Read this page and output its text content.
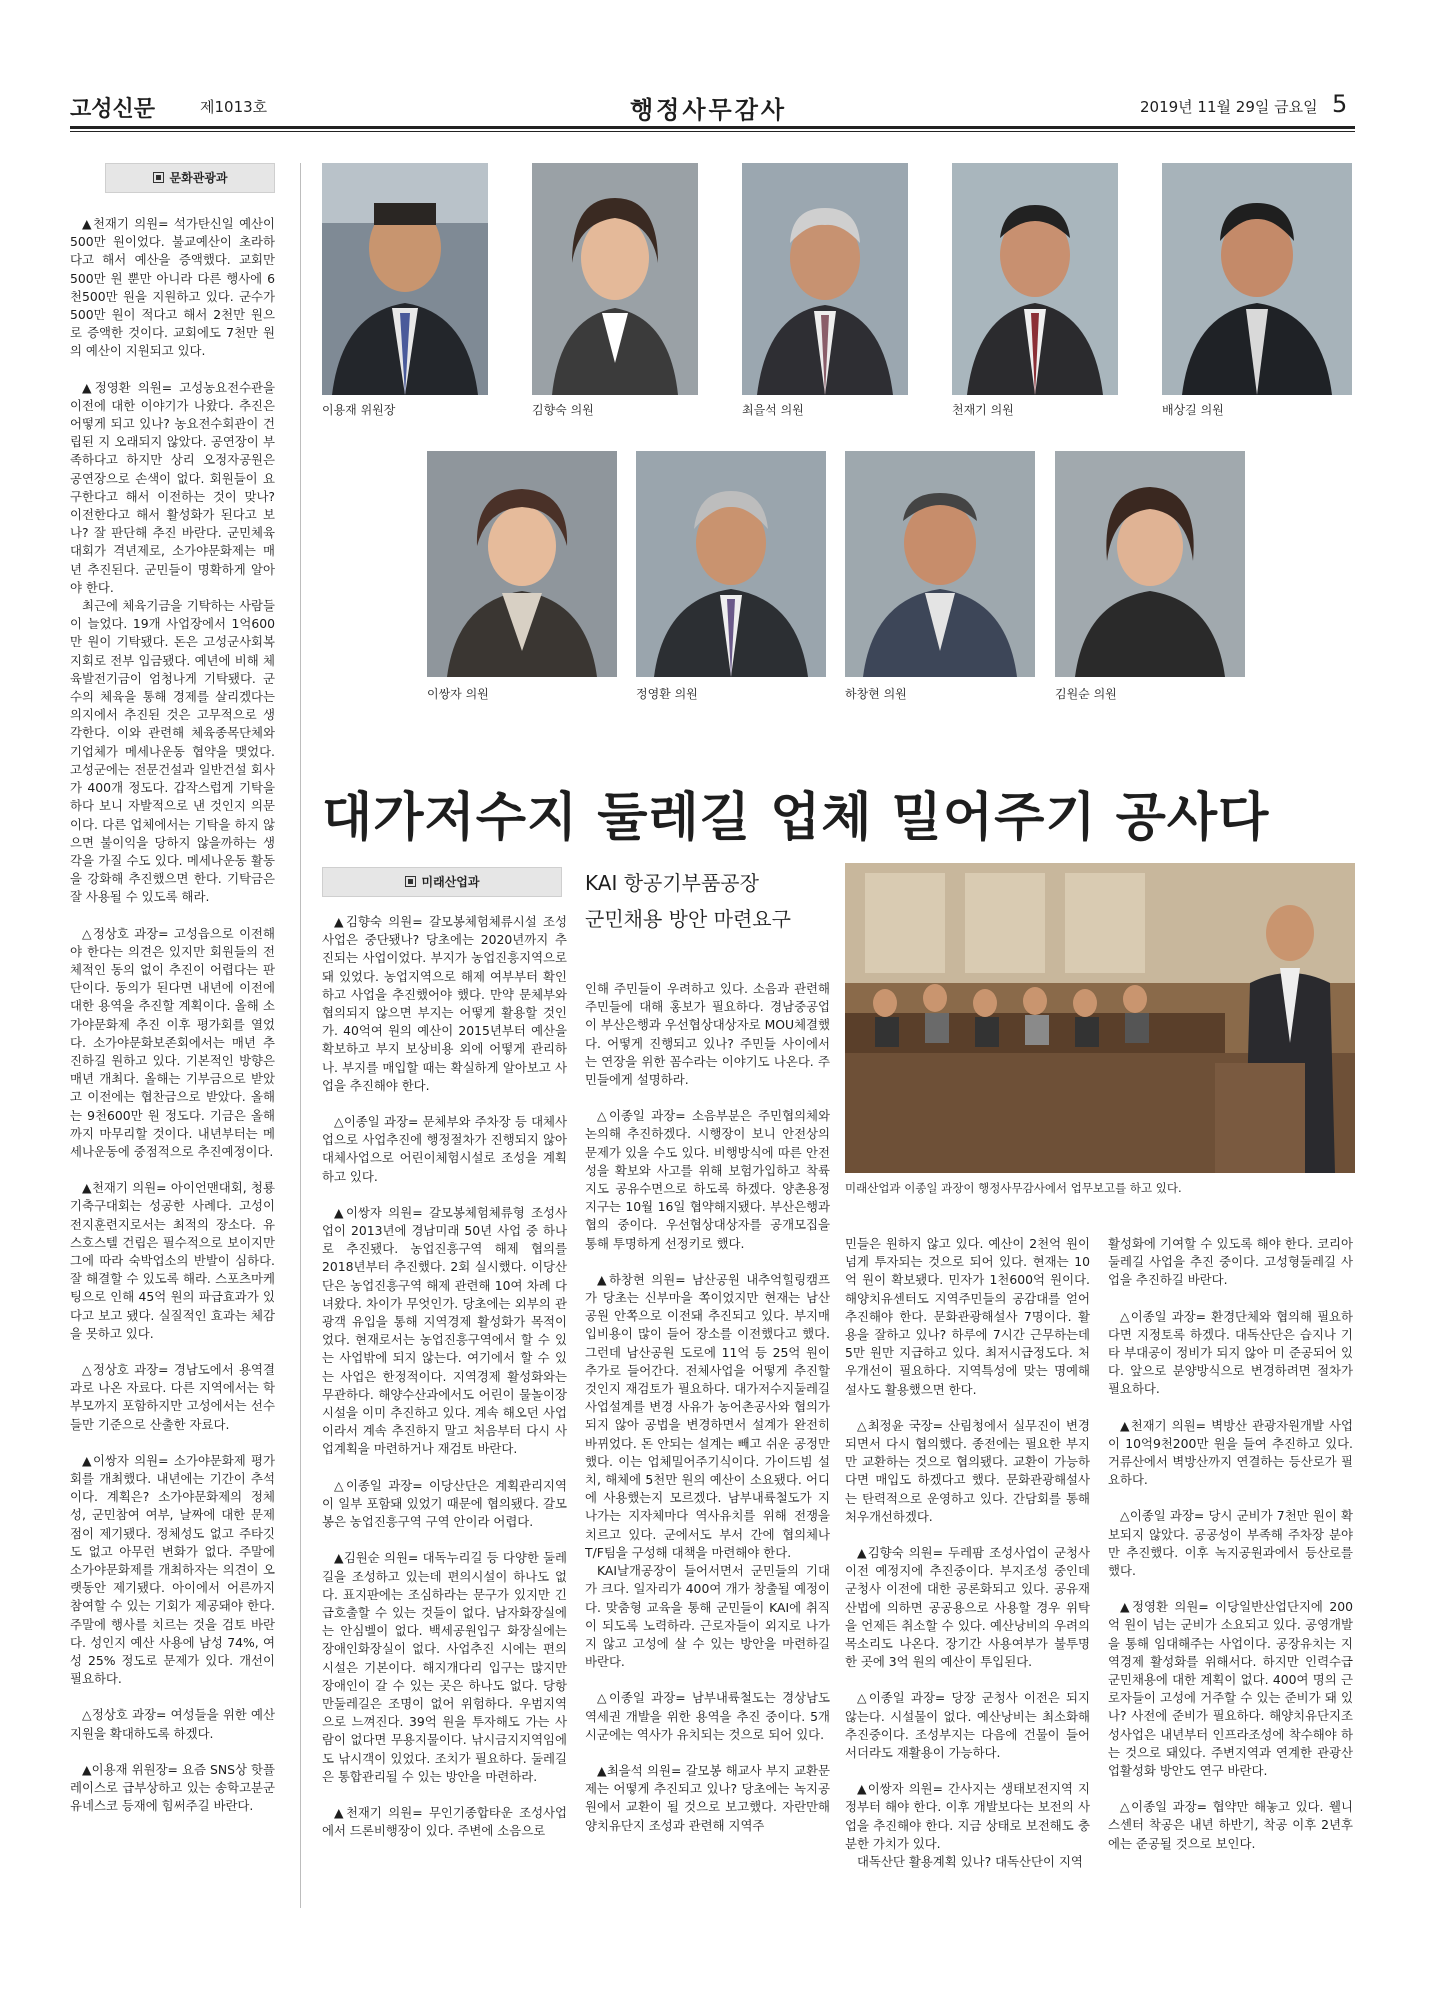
고성신문	제1013호	행정사무감사	2019년 11월 29일 금요일 5
문화관광과

▲천재기 의원= 석가탄신일 예산이 500만 원이었다. 불교예산이 초라하다고 해서 예산을 증액했다. 교회만 500만 원 뿐만 아니라 다른 행사에 6천500만 원을 지원하고 있다. 군수가 500만 원이 적다고 해서 2천만 원으로 증액한 것이다. 교회에도 7천만 원의 예산이 지원되고 있다.

▲정영환 의원= 고성농요전수관을 이전에 대한 이야기가 나왔다. 추진은 어떻게 되고 있나? 농요전수회관이 건립된 지 오래되지 않았다. 공연장이 부족하다고 하지만 상리 오정자공원은 공연장으로 손색이 없다. 회원들이 요구한다고 해서 이전하는 것이 맞나? 이전한다고 해서 활성화가 된다고 보나? 잘 판단해 추진 바란다. 군민체육대회가 격년제로, 소가야문화제는 매년 추진된다. 군민들이 명확하게 알아야 한다.

최근에 체육기금을 기탁하는 사람들이 늘었다. 19개 사업장에서 1억600만 원이 기탁됐다. 돈은 고성군사회복지회로 전부 입금됐다. 예년에 비해 체육발전기금이 엄청나게 기탁됐다. 군수의 체육을 통해 경제를 살리겠다는 의지에서 추진된 것은 고무적으로 생각한다. 이와 관련해 체육종목단체와 기업체가 메세나운동 협약을 맺었다. 고성군에는 전문건설과 일반건설 회사가 400개 정도다. 갑작스럽게 기탁을 하다 보니 자발적으로 낸 것인지 의문이다. 다른 업체에서는 기탁을 하지 않으면 불이익을 당하지 않을까하는 생각을 가질 수도 있다. 메세나운동 활동을 강화해 추진했으면 한다. 기탁금은 잘 사용될 수 있도록 해라.

△정상호 과장= 고성읍으로 이전해야 한다는 의견은 있지만 회원들의 전체적인 동의 없이 추진이 어렵다는 판단이다. 동의가 된다면 내년에 이전에 대한 용역을 추진할 계획이다. 올해 소가야문화제 추진 이후 평가회를 열었다. 소가야문화보존회에서는 매년 추진하길 원하고 있다. 기본적인 방향은 매년 개최다. 올해는 기부금으로 받았고 이전에는 협찬금으로 받았다. 올해는 9천600만 원 정도다. 기금은 올해까지 마무리할 것이다. 내년부터는 메세나운동에 중점적으로 추진예정이다.

▲천재기 의원= 아이언맨대회, 청룡기축구대회는 성공한 사례다. 고성이 전지훈련지로서는 최적의 장소다. 유스호스텔 건립은 필수적으로 보이지만 그에 따라 숙박업소의 반발이 심하다. 잘 해결할 수 있도록 해라. 스포츠마케팅으로 인해 45억 원의 파급효과가 있다고 보고 됐다. 실질적인 효과는 체감을 못하고 있다.

△정상호 과장= 경남도에서 용역결과로 나온 자료다. 다른 지역에서는 학부모까지 포함하지만 고성에서는 선수들만 기준으로 산출한 자료다.

▲이쌍자 의원= 소가야문화제 평가회를 개최했다. 내년에는 기간이 추석이다. 계획은? 소가야문화제의 정체성, 군민참여 여부, 날짜에 대한 문제점이 제기됐다. 정체성도 없고 주타깃도 없고 아무런 변화가 없다. 주말에 소가야문화제를 개최하자는 의견이 오랫동안 제기됐다. 아이에서 어른까지 참여할 수 있는 기회가 제공돼야 한다. 주말에 행사를 치르는 것을 검토 바란다. 성인지 예산 사용에 남성 74%, 여성 25% 정도로 문제가 있다. 개선이 필요하다.

△정상호 과장= 여성들을 위한 예산지원을 확대하도록 하겠다.

▲이용재 위원장= 요즘 SNS상 핫플레이스로 급부상하고 있는 송학고분군 유네스코 등재에 힘써주길 바란다.

이용재 위원장	김향숙 의원	최을석 의원	천재기 의원	배상길 의원
이쌍자 의원	정영환 의원	하창현 의원	김원순 의원
대가저수지 둘레길 업체 밀어주기 공사다
KAI 항공기부품공장
군민채용 방안 마련요구
미래산업과 이종일 과장이 행정사무감사에서 업무보고를 하고 있다.
미래산업과

▲김향숙 의원= 갈모봉체험체류시설 조성사업은 중단됐나? 당초에는 2020년까지 추진되는 사업이었다. 부지가 농업진흥지역으로 돼 있었다. 농업지역으로 해제 여부부터 확인하고 사업을 추진했어야 했다. 만약 문체부와 협의되지 않으면 부지는 어떻게 활용할 것인가. 40억여 원의 예산이 2015년부터 예산을 확보하고 부지 보상비용 외에 어떻게 관리하나. 부지를 매입할 때는 확실하게 알아보고 사업을 추진해야 한다.

△이종일 과장= 문체부와 주차장 등 대체사업으로 사업추진에 행정절차가 진행되지 않아 대체사업으로 어린이체험시설로 조성을 계획하고 있다.

▲이쌍자 의원= 갈모봉체험체류형 조성사업이 2013년에 경남미래 50년 사업 중 하나로 추진됐다. 농업진흥구역 해제 협의를 2018년부터 추진했다. 2회 실시했다. 이당산단은 농업진흥구역 해제 관련해 10여 차례 다녀왔다. 차이가 무엇인가. 당초에는 외부의 관광객 유입을 통해 지역경제 활성화가 목적이었다. 현재로서는 농업진흥구역에서 할 수 있는 사업밖에 되지 않는다. 여기에서 할 수 있는 사업은 한정적이다. 지역경제 활성화와는 무관하다. 해양수산과에서도 어린이 물놀이장 시설을 이미 추진하고 있다. 계속 해오던 사업이라서 계속 추진하지 말고 처음부터 다시 사업계획을 마련하거나 재검토 바란다.

△이종일 과장= 이당산단은 계획관리지역이 일부 포함돼 있었기 때문에 협의됐다. 갈모봉은 농업진흥구역 구역 안이라 어렵다.

▲김원순 의원= 대독누리길 등 다양한 둘레길을 조성하고 있는데 편의시설이 하나도 없다. 표지판에는 조심하라는 문구가 있지만 긴급호출할 수 있는 것들이 없다. 남자화장실에는 안심벨이 없다. 백세공원입구 화장실에는 장애인화장실이 없다. 사업추진 시에는 편의시설은 기본이다. 해지개다리 입구는 많지만 장애인이 갈 수 있는 곳은 하나도 없다. 당항만둘레길은 조명이 없어 위험하다. 우범지역으로 느껴진다. 39억 원을 투자해도 가는 사람이 없다면 무용지물이다. 낚시금지지역임에도 낚시객이 있었다. 조치가 필요하다. 둘레길은 통합관리될 수 있는 방안을 마련하라.

▲천재기 의원= 무인기종합타운 조성사업에서 드론비행장이 있다. 주변에 소음으로

인해 주민들이 우려하고 있다. 소음과 관련해 주민들에 대해 홍보가 필요하다. 경남중공업이 부산은행과 우선협상대상자로 MOU체결했다. 어떻게 진행되고 있나? 주민들 사이에서는 연장을 위한 꼼수라는 이야기도 나온다. 주민들에게 설명하라.

△이종일 과장= 소음부분은 주민협의체와 논의해 추진하겠다. 시행장이 보니 안전상의 문제가 있을 수도 있다. 비행방식에 따른 안전성을 확보와 사고를 위해 보험가입하고 착륙지도 공유수면으로 하도록 하겠다. 양촌용정지구는 10월 16일 협약해지됐다. 부산은행과 협의 중이다. 우선협상대상자를 공개모집을 통해 투명하게 선정키로 했다.

▲하창현 의원= 남산공원 내추억힐링캠프가 당초는 신부마을 쪽이었지만 현재는 남산공원 안쪽으로 이전돼 추진되고 있다. 부지매입비용이 많이 들어 장소를 이전했다고 했다. 그런데 남산공원 도로에 11억 등 25억 원이 추가로 들어간다. 전체사업을 어떻게 추진할 것인지 재검토가 필요하다. 대가저수지둘레길 사업설계를 변경 사유가 농어촌공사와 협의가 되지 않아 공법을 변경하면서 설계가 완전히 바뀌었다. 돈 안되는 설계는 빼고 쉬운 공정만 했다. 이는 업체밀어주기식이다. 가이드빔 설치, 해체에 5천만 원의 예산이 소요됐다. 어디에 사용했는지 모르겠다. 남부내륙철도가 지나가는 지자체마다 역사유치를 위해 전쟁을 치르고 있다. 군에서도 부서 간에 협의체나 T/F팀을 구성해 대책을 마련해야 한다.

KAI날개공장이 들어서면서 군민들의 기대가 크다. 일자리가 400여 개가 창출될 예정이다. 맞춤형 교육을 통해 군민들이 KAI에 취직이 되도록 노력하라. 근로자들이 외지로 나가지 않고 고성에 살 수 있는 방안을 마련하길 바란다.

△이종일 과장= 남부내륙철도는 경상남도역세권 개발을 위한 용역을 추진 중이다. 5개 시군에는 역사가 유치되는 것으로 되어 있다.

▲최을석 의원= 갈모봉 해교사 부지 교환문제는 어떻게 추진되고 있나? 당초에는 녹지공원에서 교환이 될 것으로 보고했다. 자란만해양치유단지 조성과 관련해 지역주

민들은 원하지 않고 있다. 예산이 2천억 원이 넘게 투자되는 것으로 되어 있다. 현재는 10억 원이 확보됐다. 민자가 1천600억 원이다. 해양치유센터도 지역주민들의 공감대를 얻어 추진해야 한다. 문화관광해설사 7명이다. 활용을 잘하고 있나? 하루에 7시간 근무하는데 5만 원만 지급하고 있다. 최저시급정도다. 처우개선이 필요하다. 지역특성에 맞는 명예해설사도 활용했으면 한다.

△최정윤 국장= 산림청에서 실무진이 변경되면서 다시 협의했다. 종전에는 필요한 부지만 교환하는 것으로 협의됐다. 교환이 가능하다면 매입도 하겠다고 했다. 문화관광해설사는 탄력적으로 운영하고 있다. 간담회를 통해 처우개선하겠다.

▲김향숙 의원= 두레팜 조성사업이 군청사이전 예정지에 추진중이다. 부지조성 중인데 군청사 이전에 대한 공론화되고 있다. 공유재산법에 의하면 공공용으로 사용할 경우 위탁을 언제든 취소할 수 있다. 예산낭비의 우려의 목소리도 나온다. 장기간 사용여부가 불투명한 곳에 3억 원의 예산이 투입된다.

△이종일 과장= 당장 군청사 이전은 되지 않는다. 시설물이 없다. 예산낭비는 최소화해 추진중이다. 조성부지는 다음에 건물이 들어서더라도 재활용이 가능하다.

▲이쌍자 의원= 간사지는 생태보전지역 지정부터 해야 한다. 이후 개발보다는 보전의 사업을 추진해야 한다. 지금 상태로 보전해도 충분한 가치가 있다.

대독산단 활용계획 있나? 대독산단이 지역

활성화에 기여할 수 있도록 해야 한다. 코리아둘레길 사업을 추진 중이다. 고성형둘레길 사업을 추진하길 바란다.

△이종일 과장= 환경단체와 협의해 필요하다면 지정토록 하겠다. 대독산단은 습지나 기타 부대공이 정비가 되지 않아 미 준공되어 있다. 앞으로 분양방식으로 변경하려면 절차가 필요하다.

▲천재기 의원= 벽방산 관광자원개발 사업이 10억9천200만 원을 들여 추진하고 있다. 거류산에서 벽방산까지 연결하는 등산로가 필요하다.

△이종일 과장= 당시 군비가 7천만 원이 확보되지 않았다. 공공성이 부족해 주차장 분야만 추진했다. 이후 녹지공원과에서 등산로를 했다.

▲정영환 의원= 이당일반산업단지에 200억 원이 넘는 군비가 소요되고 있다. 공영개발을 통해 임대해주는 사업이다. 공장유치는 지역경제 활성화를 위해서다. 하지만 인력수급 군민채용에 대한 계획이 없다. 400여 명의 근로자들이 고성에 거주할 수 있는 준비가 돼 있나? 사전에 준비가 필요하다. 해양치유단지조성사업은 내년부터 인프라조성에 착수해야 하는 것으로 돼있다. 주변지역과 연계한 관광산업활성화 방안도 연구 바란다.

△이종일 과장= 협약만 해놓고 있다. 웰니스센터 착공은 내년 하반기, 착공 이후 2년후에는 준공될 것으로 보인다.
